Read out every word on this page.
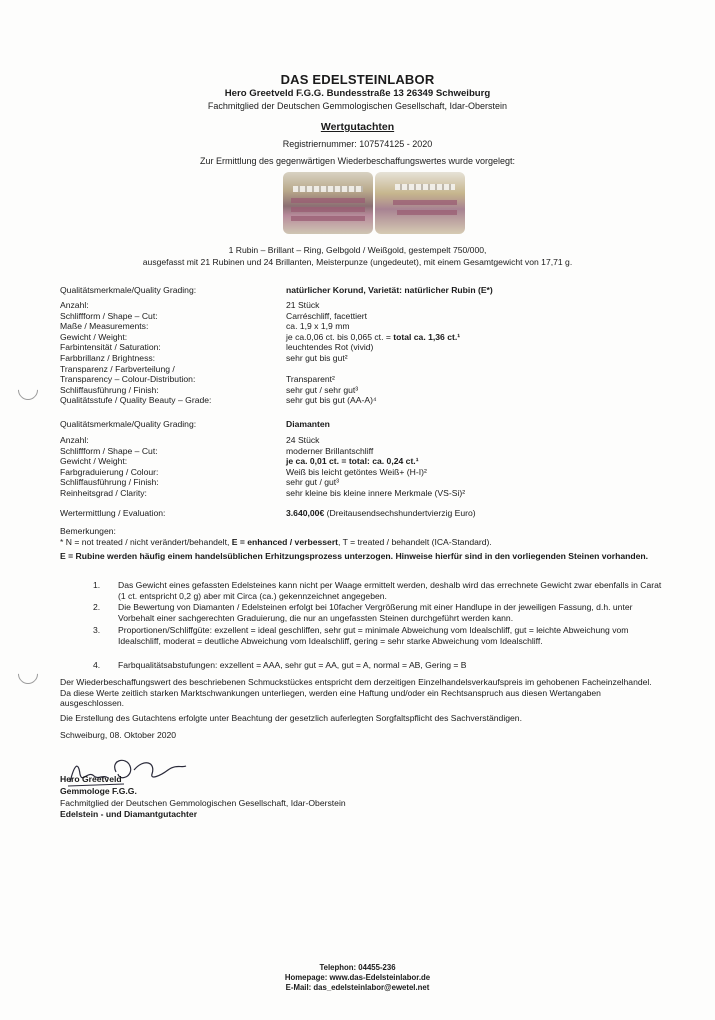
DAS EDELSTEINLABOR
Hero Greetveld F.G.G. Bundesstraße 13 26349 Schweiburg
Fachmitglied der Deutschen Gemmologischen Gesellschaft, Idar-Oberstein
Wertgutachten
Registriernummer: 107574125 - 2020
Zur Ermittlung des gegenwärtigen Wiederbeschaffungswertes wurde vorgelegt:
1 Rubin – Brillant – Ring, Gelbgold / Weißgold, gestempelt 750/000,
ausgefasst mit 21 Rubinen und 24 Brillanten, Meisterpunze (ungedeutet), mit einem Gesamtgewicht von 17,71 g.
Qualitätsmerkmale/Quality Grading:	natürlicher Korund, Varietät: natürlicher Rubin (E*)
Anzahl:	21 Stück
Schliffform / Shape – Cut:	Carréschliff, facettiert
Maße / Measurements:	ca. 1,9 x 1,9 mm
Gewicht / Weight:	je ca.0,06 ct. bis 0,065 ct. = total ca. 1,36 ct.¹
Farbintensität / Saturation:	leuchtendes Rot (vivid)
Farbbrillanz / Brightness:	sehr gut bis gut²
Transparenz / Farbverteilung /
Transparency – Colour-Distribution:	Transparent²
Schliffausführung / Finish:	sehr gut / sehr gut³
Qualitätsstufe / Quality Beauty – Grade:	sehr gut bis gut (AA-A)⁴
Qualitätsmerkmale/Quality Grading:	Diamanten
Anzahl:	24 Stück
Schliffform / Shape – Cut:	moderner Brillantschliff
Gewicht / Weight:	je ca. 0,01 ct. = total: ca. 0,24 ct.¹
Farbgraduierung / Colour:	Weiß bis leicht getöntes Weiß+ (H-I)²
Schliffausführung / Finish:	sehr gut / gut³
Reinheitsgrad / Clarity:	sehr kleine bis kleine innere Merkmale (VS-Si)²
Wertermittlung / Evaluation:	3.640,00€ (Dreitausendsechshundertvierzig Euro)
Bemerkungen:
* N = not treated / nicht verändert/behandelt, E = enhanced / verbessert, T = treated / behandelt (ICA-Standard).
E = Rubine werden häufig einem handelsüblichen Erhitzungsprozess unterzogen. Hinweise hierfür sind in den vorliegenden Steinen vorhanden.
1. Das Gewicht eines gefassten Edelsteines kann nicht per Waage ermittelt werden, deshalb wird das errechnete Gewicht zwar ebenfalls in Carat (1 ct. entspricht 0,2 g) aber mit Circa (ca.) gekennzeichnet angegeben.
2. Die Bewertung von Diamanten / Edelsteinen erfolgt bei 10facher Vergrößerung mit einer Handlupe in der jeweiligen Fassung, d.h. unter Vorbehalt einer sachgerechten Graduierung, die nur an ungefassten Steinen durchgeführt werden kann.
3. Proportionen/Schliffgüte: exzellent = ideal geschliffen, sehr gut = minimale Abweichung vom Idealschliff, gut = leichte Abweichung vom Idealschliff, moderat = deutliche Abweichung vom Idealschliff, gering = sehr starke Abweichung vom Idealschliff.
4. Farbqualitätsabstufungen: exzellent = AAA, sehr gut = AA, gut = A, normal = AB, Gering = B
Der Wiederbeschaffungswert des beschriebenen Schmuckstückes entspricht dem derzeitigen Einzelhandelsverkaufspreis im gehobenen Facheinzelhandel. Da diese Werte zeitlich starken Marktschwankungen unterliegen, werden eine Haftung und/oder ein Rechtsanspruch aus diesen Wertangaben ausgeschlossen.
Die Erstellung des Gutachtens erfolgte unter Beachtung der gesetzlich auferlegten Sorgfaltspflicht des Sachverständigen.
Schweiburg, 08. Oktober 2020
Hero Greetveld
Gemmologe F.G.G.
Fachmitglied der Deutschen Gemmologischen Gesellschaft, Idar-Oberstein
Edelstein - und Diamantgutachter
Telephon: 04455-236
Homepage: www.das-Edelsteinlabor.de
E-Mail: das_edelsteinlabor@ewetel.net
